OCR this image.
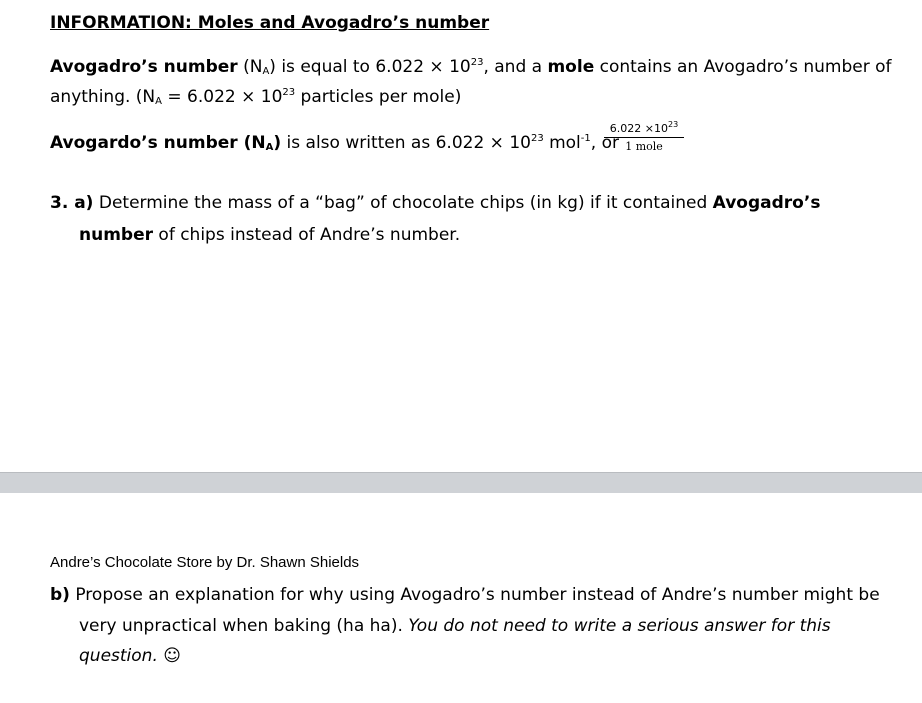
INFORMATION: Moles and Avogadro’s number
Avogadro’s number $(N_A)$ is equal to $6.022 \times 10^{23}$, and a mole contains an Avogadro’s number of
anything. ($N_A = 6.022 \times 10^{23}$ particles per mole)
Avogardo’s number $(N_A)$ is also written as $6.022 \times 10^{23}$ mol$^{-1}$, or
$6.022 \times 10^{23}$
1 mole
3. a) Determine the mass of a “bag” of chocolate chips (in kg) if it contained Avogadro’s
number of chips instead of Andre’s number.
Andre’s Chocolate Store by Dr. Shawn Shields
b) Propose an explanation for why using Avogadro’s number instead of Andre’s number might be
very unpractical when baking (ha ha). You do not need to write a serious answer for this
question. ☺
